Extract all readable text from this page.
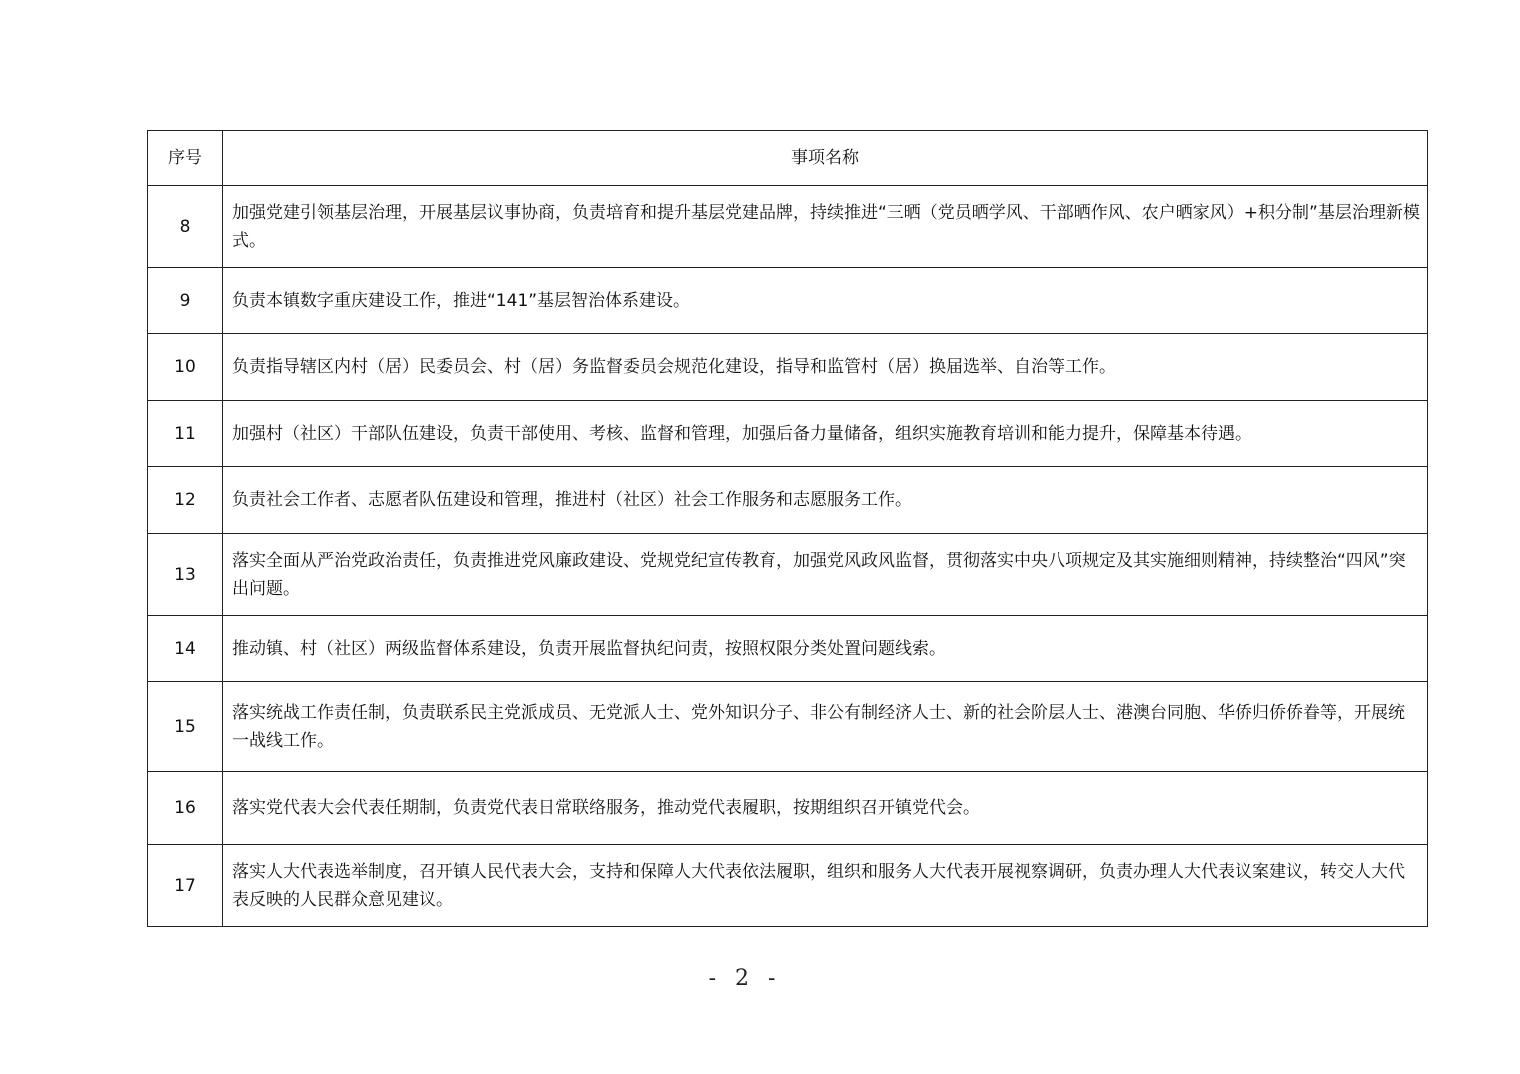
序号	事项名称
8	加强党建引领基层治理，开展基层议事协商，负责培育和提升基层党建品牌，持续推进“三晒（党员晒学风、干部晒作风、农户晒家风）+积分制”基层治理新模式。
9	负责本镇数字重庆建设工作，推进“141”基层智治体系建设。
10	负责指导辖区内村（居）民委员会、村（居）务监督委员会规范化建设，指导和监管村（居）换届选举、自治等工作。
11	加强村（社区）干部队伍建设，负责干部使用、考核、监督和管理，加强后备力量储备，组织实施教育培训和能力提升，保障基本待遇。
12	负责社会工作者、志愿者队伍建设和管理，推进村（社区）社会工作服务和志愿服务工作。
13	落实全面从严治党政治责任，负责推进党风廉政建设、党规党纪宣传教育，加强党风政风监督，贯彻落实中央八项规定及其实施细则精神，持续整治“四风”突出问题。
14	推动镇、村（社区）两级监督体系建设，负责开展监督执纪问责，按照权限分类处置问题线索。
15	落实统战工作责任制，负责联系民主党派成员、无党派人士、党外知识分子、非公有制经济人士、新的社会阶层人士、港澳台同胞、华侨归侨侨眷等，开展统一战线工作。
16	落实党代表大会代表任期制，负责党代表日常联络服务，推动党代表履职，按期组织召开镇党代会。
17	落实人大代表选举制度，召开镇人民代表大会，支持和保障人大代表依法履职，组织和服务人大代表开展视察调研，负责办理人大代表议案建议，转交人大代表反映的人民群众意见建议。
- 2 -
